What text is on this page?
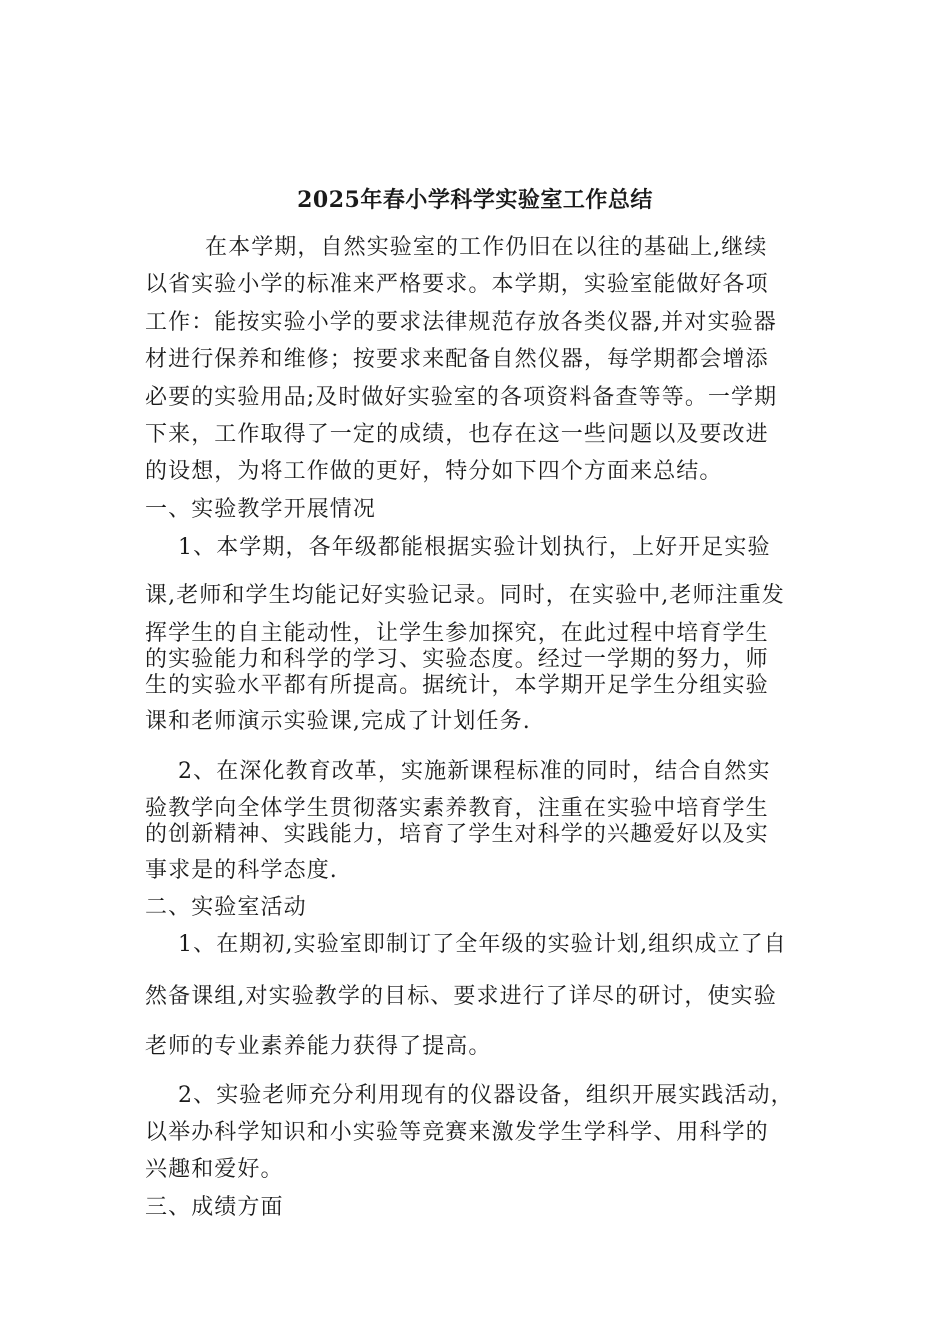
2025年春小学科学实验室工作总结
在本学期，自然实验室的工作仍旧在以往的基础上,继续
以省实验小学的标准来严格要求。本学期，实验室能做好各项
工作：能按实验小学的要求法律规范存放各类仪器,并对实验器
材进行保养和维修；按要求来配备自然仪器，每学期都会增添
必要的实验用品;及时做好实验室的各项资料备查等等。一学期
下来，工作取得了一定的成绩，也存在这一些问题以及要改进
的设想，为将工作做的更好，特分如下四个方面来总结。
一、实验教学开展情况
1、本学期，各年级都能根据实验计划执行，上好开足实验
课,老师和学生均能记好实验记录。同时，在实验中,老师注重发
挥学生的自主能动性，让学生参加探究，在此过程中培育学生
的实验能力和科学的学习、实验态度。经过一学期的努力，师
生的实验水平都有所提高。据统计，本学期开足学生分组实验
课和老师演示实验课,完成了计划任务.
2、在深化教育改革，实施新课程标准的同时，结合自然实
验教学向全体学生贯彻落实素养教育，注重在实验中培育学生
的创新精神、实践能力，培育了学生对科学的兴趣爱好以及实
事求是的科学态度.
二、实验室活动
1、在期初,实验室即制订了全年级的实验计划,组织成立了自
然备课组,对实验教学的目标、要求进行了详尽的研讨，使实验
老师的专业素养能力获得了提高。
2、实验老师充分利用现有的仪器设备，组织开展实践活动，
以举办科学知识和小实验等竞赛来激发学生学科学、用科学的
兴趣和爱好。
三、成绩方面
